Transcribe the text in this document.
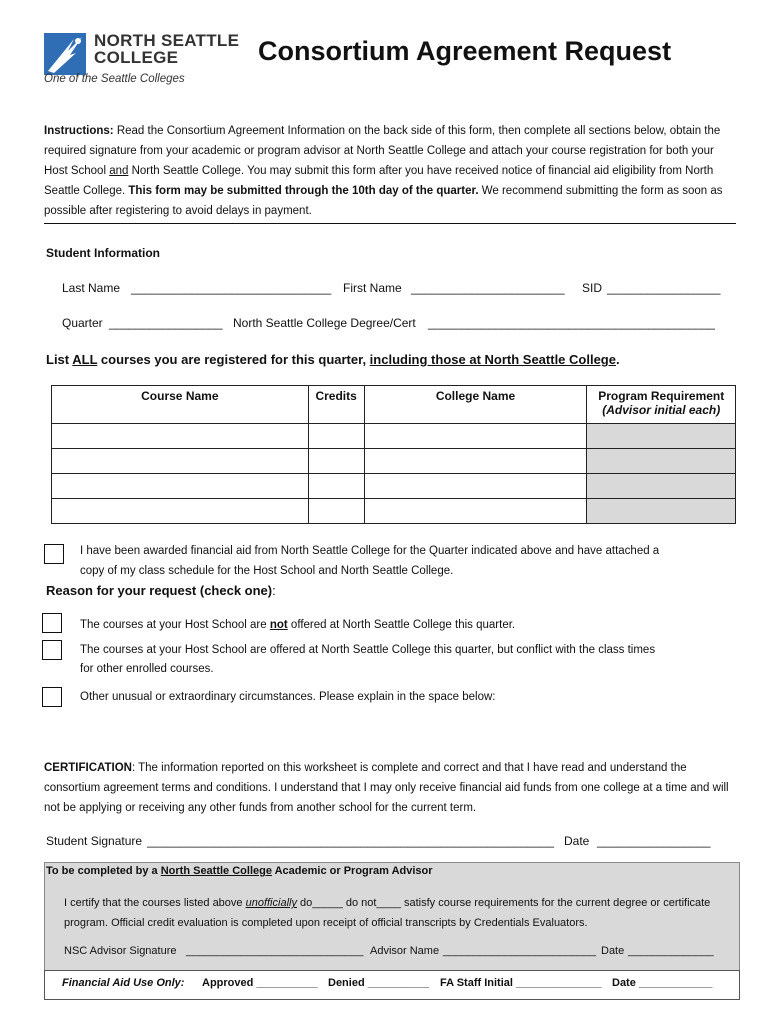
NORTH SEATTLE
COLLEGE
One of the Seattle Colleges
Consortium Agreement Request
Instructions: Read the Consortium Agreement Information on the back side of this form, then complete all sections below, obtain the required signature from your academic or program advisor at North Seattle College and attach your course registration for both your Host School and North Seattle College. You may submit this form after you have received notice of financial aid eligibility from North Seattle College. This form may be submitted through the 10th day of the quarter. We recommend submitting the form as soon as possible after registering to avoid delays in payment.
Student Information
Last Name ______________________________ First Name _______________________ SID _________________
Quarter _________________ North Seattle College Degree/Cert ___________________________________________
List ALL courses you are registered for this quarter, including those at North Seattle College.
Course Name	Credits	College Name	Program Requirement
(Advisor initial each)

I have been awarded financial aid from North Seattle College for the Quarter indicated above and have attached a
copy of my class schedule for the Host School and North Seattle College.
Reason for your request (check one):
The courses at your Host School are not offered at North Seattle College this quarter.
The courses at your Host School are offered at North Seattle College this quarter, but conflict with the class times
for other enrolled courses.
Other unusual or extraordinary circumstances. Please explain in the space below:
CERTIFICATION: The information reported on this worksheet is complete and correct and that I have read and understand the consortium agreement terms and conditions. I understand that I may only receive financial aid funds from one college at a time and will not be applying or receiving any other funds from another school for the current term.
Student Signature _____________________________________________________________ Date _________________
To be completed by a North Seattle College Academic or Program Advisor
I certify that the courses listed above unofficially do_____ do not____ satisfy course requirements for the current degree or certificate program. Official credit evaluation is completed upon receipt of official transcripts by Credentials Evaluators.
NSC Advisor Signature _____________________________ Advisor Name _________________________ Date ______________
Financial Aid Use Only: Approved __________ Denied __________ FA Staff Initial ______________ Date ____________
